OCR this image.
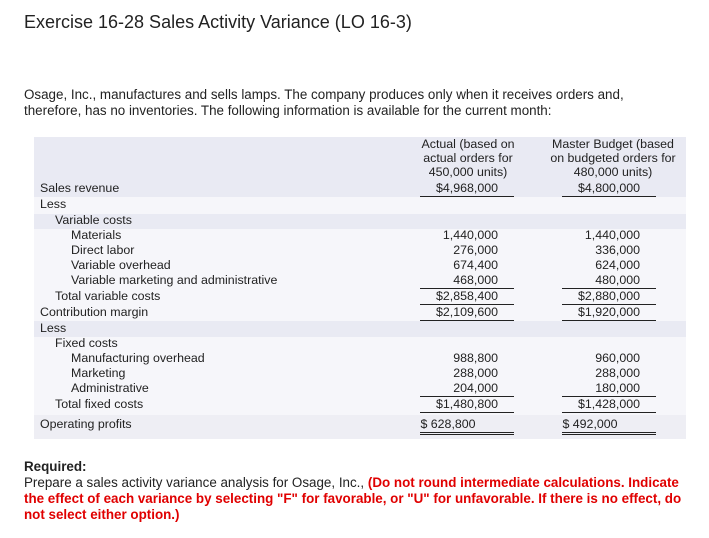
Exercise 16-28 Sales Activity Variance (LO 16-3)
Osage, Inc., manufactures and sells lamps. The company produces only when it receives orders and, therefore, has no inventories. The following information is available for the current month:
Actual (based on
actual orders for
450,000 units)
Master Budget (based
on budgeted orders for
480,000 units)
Sales revenue	$4,968,000	$4,800,000
Less
Variable costs
Materials	1,440,000	1,440,000
Direct labor	276,000	336,000
Variable overhead	674,400	624,000
Variable marketing and administrative	468,000	480,000
Total variable costs	$2,858,400	$2,880,000
Contribution margin	$2,109,600	$1,920,000
Less
Fixed costs
Manufacturing overhead	988,800	960,000
Marketing	288,000	288,000
Administrative	204,000	180,000
Total fixed costs	$1,480,800	$1,428,000
Operating profits	$ 628,800	$ 492,000
Required:
Prepare a sales activity variance analysis for Osage, Inc., (Do not round intermediate calculations. Indicate the effect of each variance by selecting "F" for favorable, or "U" for unfavorable. If there is no effect, do not select either option.)
